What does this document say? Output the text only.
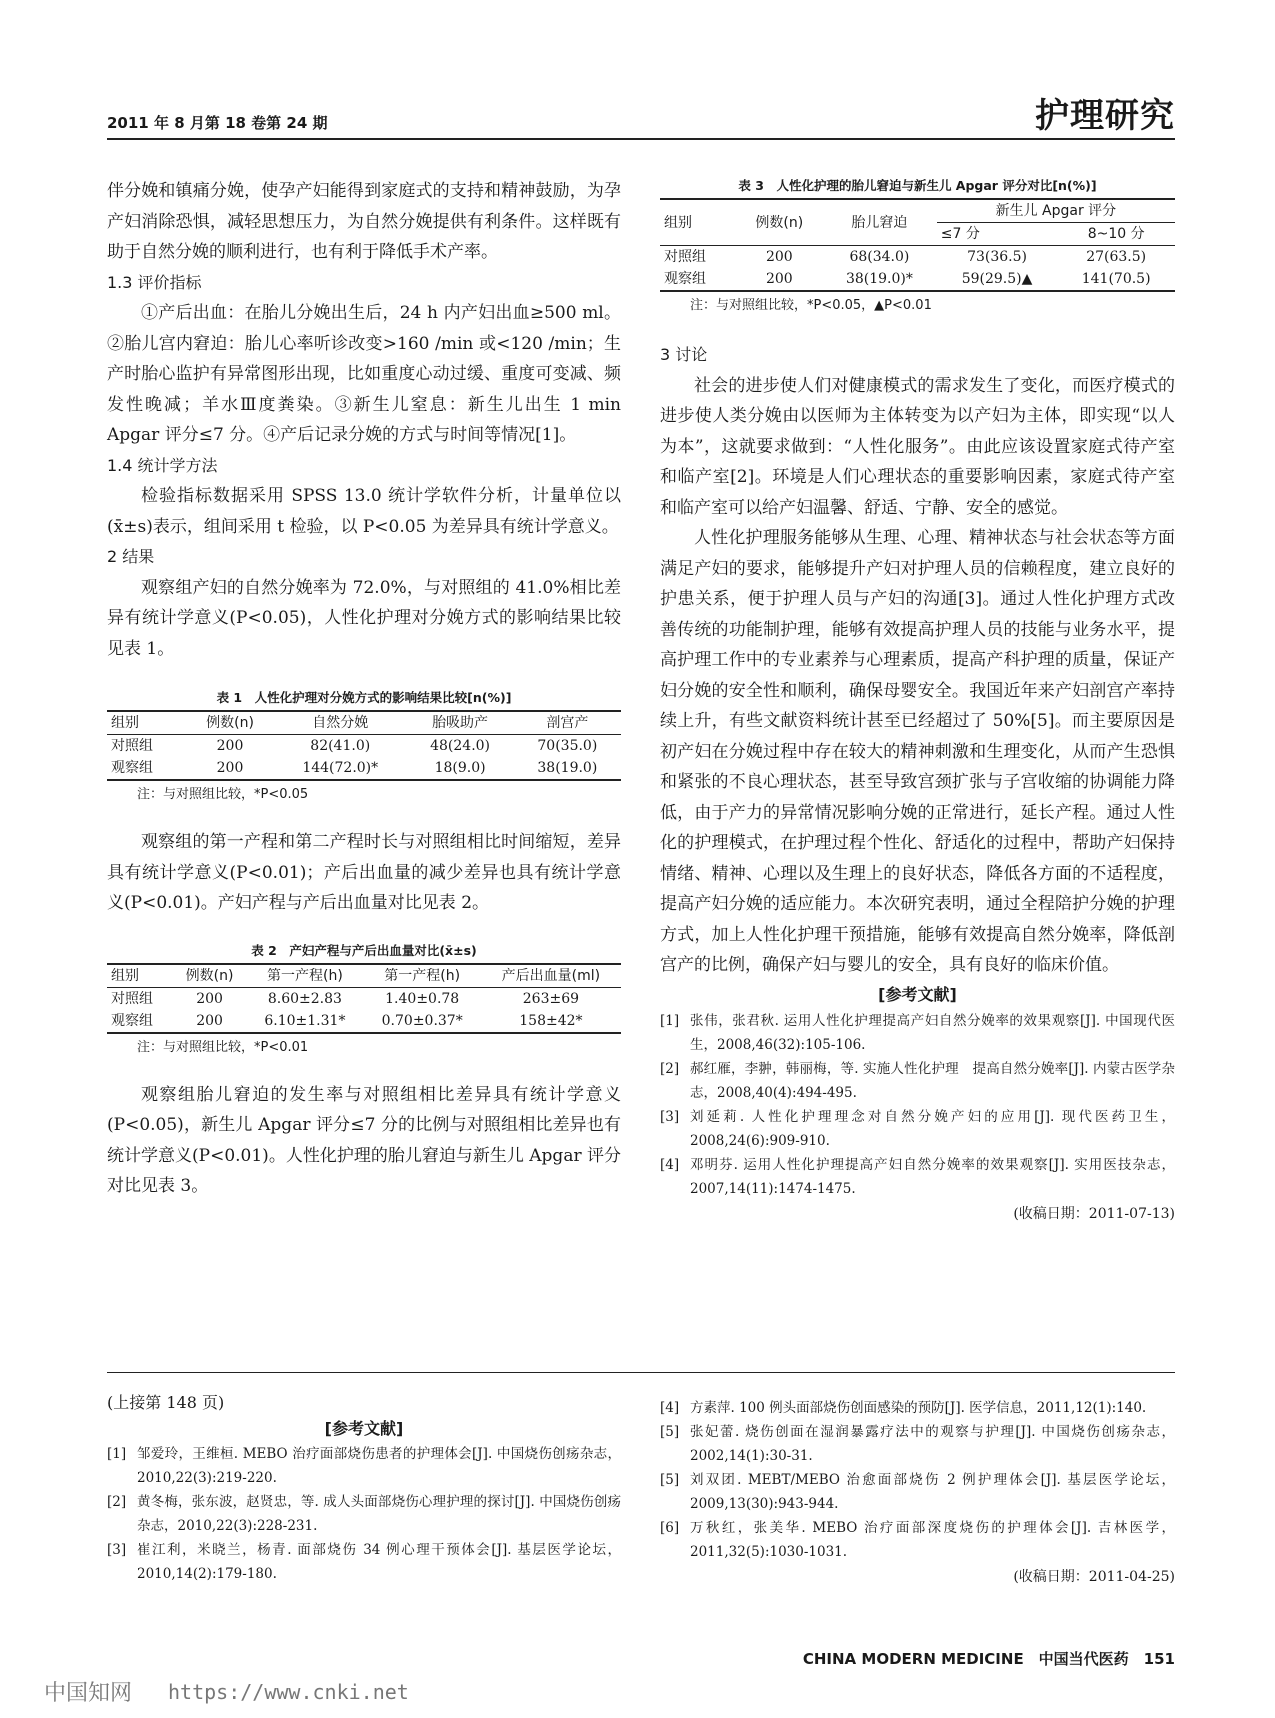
2011 年 8 月第 18 卷第 24 期	护理研究

伴分娩和镇痛分娩，使孕产妇能得到家庭式的支持和精神鼓励，为孕产妇消除恐惧，减轻思想压力，为自然分娩提供有利条件。这样既有助于自然分娩的顺利进行，也有利于降低手术产率。

1.3 评价指标

①产后出血：在胎儿分娩出生后，24 h 内产妇出血≥500 ml。②胎儿宫内窘迫：胎儿心率听诊改变>160 /min 或<120 /min；生产时胎心监护有异常图形出现，比如重度心动过缓、重度可变减、频发性晚减；羊水Ⅲ度粪染。③新生儿窒息：新生儿出生 1 min Apgar 评分≤7 分。④产后记录分娩的方式与时间等情况[1]。

1.4 统计学方法

检验指标数据采用 SPSS 13.0 统计学软件分析，计量单位以(x̄±s)表示，组间采用 t 检验，以 P<0.05 为差异具有统计学意义。

2 结果

观察组产妇的自然分娩率为 72.0%，与对照组的 41.0%相比差异有统计学意义(P<0.05)，人性化护理对分娩方式的影响结果比较见表 1。

表 1　人性化护理对分娩方式的影响结果比较[n(%)]

组别	例数(n)	自然分娩	胎吸助产	剖宫产
对照组	200	82(41.0)	48(24.0)	70(35.0)
观察组	200	144(72.0)*	18(9.0)	38(19.0)

注：与对照组比较，*P<0.05

观察组的第一产程和第二产程时长与对照组相比时间缩短，差异具有统计学意义(P<0.01)；产后出血量的减少差异也具有统计学意义(P<0.01)。产妇产程与产后出血量对比见表 2。

表 2　产妇产程与产后出血量对比(x̄±s)

组别	例数(n)	第一产程(h)	第一产程(h)	产后出血量(ml)
对照组	200	8.60±2.83	1.40±0.78	263±69
观察组	200	6.10±1.31*	0.70±0.37*	158±42*

注：与对照组比较，*P<0.01

观察组胎儿窘迫的发生率与对照组相比差异具有统计学意义(P<0.05)，新生儿 Apgar 评分≤7 分的比例与对照组相比差异也有统计学意义(P<0.01)。人性化护理的胎儿窘迫与新生儿 Apgar 评分对比见表 3。

表 3　人性化护理的胎儿窘迫与新生儿 Apgar 评分对比[n(%)]

组别	例数(n)	胎儿窘迫	新生儿 Apgar 评分	
			≤7 分	8~10 分
对照组	200	68(34.0)	73(36.5)	27(63.5)
观察组	200	38(19.0)*	59(29.5)▲	141(70.5)

注：与对照组比较，*P<0.05，▲P<0.01

3 讨论

社会的进步使人们对健康模式的需求发生了变化，而医疗模式的进步使人类分娩由以医师为主体转变为以产妇为主体，即实现“以人为本”，这就要求做到：“人性化服务”。由此应该设置家庭式待产室和临产室[2]。环境是人们心理状态的重要影响因素，家庭式待产室和临产室可以给产妇温馨、舒适、宁静、安全的感觉。

人性化护理服务能够从生理、心理、精神状态与社会状态等方面满足产妇的要求，能够提升产妇对护理人员的信赖程度，建立良好的护患关系，便于护理人员与产妇的沟通[3]。通过人性化护理方式改善传统的功能制护理，能够有效提高护理人员的技能与业务水平，提高护理工作中的专业素养与心理素质，提高产科护理的质量，保证产妇分娩的安全性和顺利，确保母婴安全。我国近年来产妇剖宫产率持续上升，有些文献资料统计甚至已经超过了 50%[5]。而主要原因是初产妇在分娩过程中存在较大的精神刺激和生理变化，从而产生恐惧和紧张的不良心理状态，甚至导致宫颈扩张与子宫收缩的协调能力降低，由于产力的异常情况影响分娩的正常进行，延长产程。通过人性化的护理模式，在护理过程个性化、舒适化的过程中，帮助产妇保持情绪、精神、心理以及生理上的良好状态，降低各方面的不适程度，提高产妇分娩的适应能力。本次研究表明，通过全程陪护分娩的护理方式，加上人性化护理干预措施，能够有效提高自然分娩率，降低剖宫产的比例，确保产妇与婴儿的安全，具有良好的临床价值。

[参考文献]

[1] 张伟，张君秋. 运用人性化护理提高产妇自然分娩率的效果观察[J]. 中国现代医生，2008,46(32):105-106.

[2] 郝红雁，李翀，韩丽梅，等. 实施人性化护理　提高自然分娩率[J]. 内蒙古医学杂志，2008,40(4):494-495.

[3] 刘延莉. 人性化护理理念对自然分娩产妇的应用[J]. 现代医药卫生，2008,24(6):909-910.

[4] 邓明芬. 运用人性化护理提高产妇自然分娩率的效果观察[J]. 实用医技杂志，2007,14(11):1474-1475.

(收稿日期：2011-07-13)

(上接第 148 页)

[参考文献]

[1] 邹爱玲，王维桓. MEBO 治疗面部烧伤患者的护理体会[J]. 中国烧伤创疡杂志，2010,22(3):219-220.

[2] 黄冬梅，张东波，赵贤忠，等. 成人头面部烧伤心理护理的探讨[J]. 中国烧伤创疡杂志，2010,22(3):228-231.

[3] 崔江利，米晓兰，杨青. 面部烧伤 34 例心理干预体会[J]. 基层医学论坛，2010,14(2):179-180.

[4] 方素萍. 100 例头面部烧伤创面感染的预防[J]. 医学信息，2011,12(1):140.

[5] 张妃蕾. 烧伤创面在湿润暴露疗法中的观察与护理[J]. 中国烧伤创疡杂志，2002,14(1):30-31.

[5] 刘双团. MEBT/MEBO 治愈面部烧伤 2 例护理体会[J]. 基层医学论坛，2009,13(30):943-944.

[6] 万秋红，张美华. MEBO 治疗面部深度烧伤的护理体会[J]. 吉林医学，2011,32(5):1030-1031.

(收稿日期：2011-04-25)

CHINA MODERN MEDICINE　中国当代医药　151
中国知网 https://www.cnki.net
